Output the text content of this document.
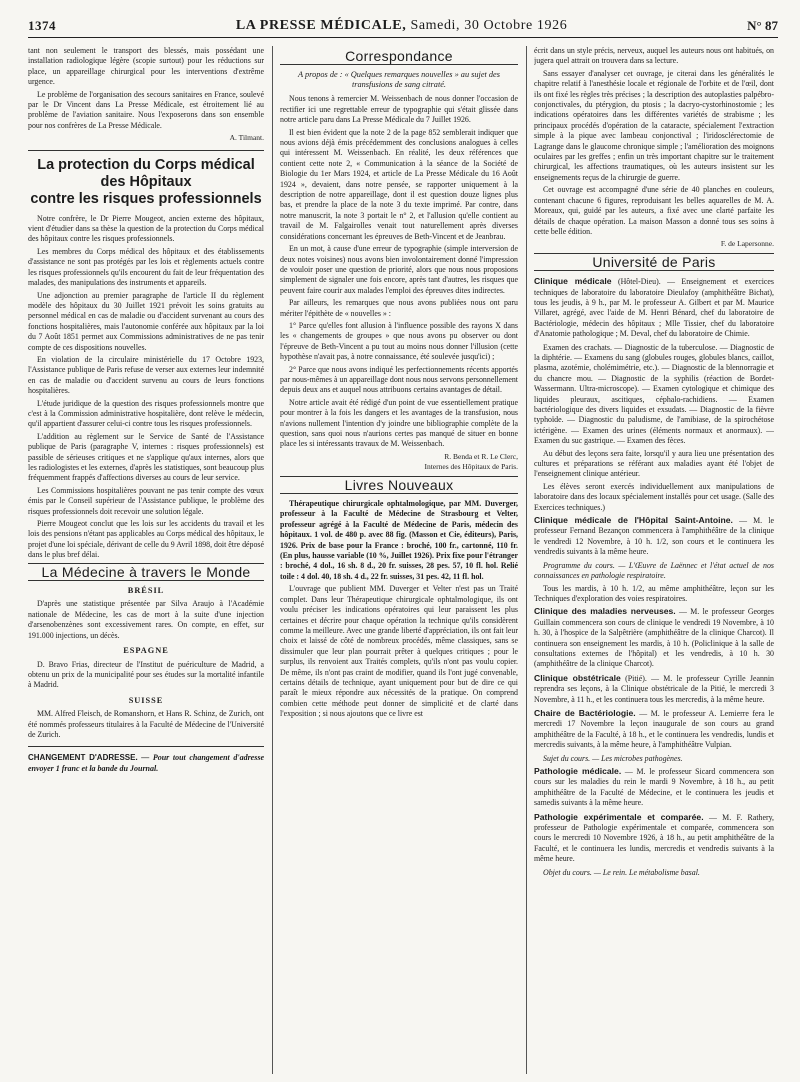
1374	LA PRESSE MÉDICALE, Samedi, 30 Octobre 1926	N° 87

tant non seulement le transport des blessés, mais possédant une installation radiologique légère (scopie surtout) pour les réductions sur place, un appareillage chirurgical pour les interventions d'extrême urgence.

Le problème de l'organisation des secours sanitaires en France, soulevé par le Dr Vincent dans La Presse Médicale, est étroitement lié au problème de l'aviation sanitaire. Nous l'exposerons dans son ensemble pour nos confrères de La Presse Médicale.

A. Tilmant.

La protection du Corps médical
des Hôpitaux
contre les risques professionnels

Notre confrère, le Dr Pierre Mougeot, ancien externe des hôpitaux, vient d'étudier dans sa thèse la question de la protection du Corps médical des hôpitaux contre les risques professionnels.

Les membres du Corps médical des hôpitaux et des établissements d'assistance ne sont pas protégés par les lois et règlements actuels contre les risques professionnels qu'ils encourent du fait de leur fréquentation des malades, des manipulations des instruments et appareils.

Une adjonction au premier paragraphe de l'article II du règlement modèle des hôpitaux du 30 Juillet 1921 prévoit les soins gratuits au personnel médical en cas de maladie ou d'accident survenant au cours des fonctions hospitalières, mais l'autonomie conférée aux hôpitaux par la loi du 7 Août 1851 permet aux Commissions administratives de ne pas tenir compte de ces dispositions nouvelles.

En violation de la circulaire ministérielle du 17 Octobre 1923, l'Assistance publique de Paris refuse de verser aux externes leur indemnité en cas de maladie ou d'accident survenu au cours de leurs fonctions hospitalières.

L'étude juridique de la question des risques professionnels montre que c'est à la Commission administrative hospitalière, dont relève le médecin, qu'il appartient d'assurer celui-ci contre tous les risques professionnels.

L'addition au règlement sur le Service de Santé de l'Assistance publique de Paris (paragraphe V, internes : risques professionnels) est passible de sérieuses critiques et ne s'applique qu'aux internes, alors que les radiologistes et les externes, d'après les statistiques, sont beaucoup plus fréquemment frappés d'affections diverses au cours de leur service.

Les Commissions hospitalières pouvant ne pas tenir compte des vœux émis par le Conseil supérieur de l'Assistance publique, le problème des risques professionnels doit recevoir une solution légale.

Pierre Mougeot conclut que les lois sur les accidents du travail et les lois des pensions n'étant pas applicables au Corps médical des hôpitaux, le projet d'une loi spéciale, dérivant de celle du 9 Avril 1898, doit être déposé dans le plus bref délai.

La Médecine à travers le Monde
BRÉSIL

D'après une statistique présentée par Silva Araujo à l'Académie nationale de Médecine, les cas de mort à la suite d'une injection d'arsenobenzènes sont excessivement rares. On compte, en effet, sur 191.000 injections, un décès.

ESPAGNE

D. Bravo Frias, directeur de l'Institut de puériculture de Madrid, a obtenu un prix de la municipalité pour ses études sur la mortalité infantile à Madrid.

SUISSE

MM. Alfred Fleisch, de Romanshorn, et Hans R. Schinz, de Zurich, ont été nommés professeurs titulaires à la Faculté de Médecine de l'Université de Zurich.

CHANGEMENT D'ADRESSE. — Pour tout changement d'adresse envoyer 1 franc et la bande du Journal.

Correspondance
A propos de : « Quelques remarques nouvelles » au sujet des transfusions de sang citraté.

Nous tenons à remercier M. Weissenbach de nous donner l'occasion de rectifier ici une regrettable erreur de typographie qui s'était glissée dans notre article paru dans La Presse Médicale du 7 Juillet 1926.

Il est bien évident que la note 2 de la page 852 semblerait indiquer que nous avions déjà émis précédemment des conclusions analogues à celles qui intéressent M. Weissenbach. En réalité, les deux références que contient cette note 2, « Communication à la séance de la Société de Biologie du 1er Mars 1924, et article de La Presse Médicale du 16 Août 1924 », devaient, dans notre pensée, se rapporter uniquement à la description de notre appareillage, dont il est question douze lignes plus bas, et prendre la place de la note 3 du texte imprimé. Par contre, dans notre manuscrit, la note 3 portait le n° 2, et l'allusion qu'elle contient au travail de M. Falgairolles venait tout naturellement après diverses considérations concernant les épreuves de Beth-Vincent et de Jeanbrau.

En un mot, à cause d'une erreur de typographie (simple interversion de deux notes voisines) nous avons bien involontairement donné l'impression de vouloir poser une question de priorité, alors que nous nous proposions simplement de signaler une fois encore, après tant d'autres, les risques que peuvent faire courir aux malades l'emploi des épreuves dites indirectes.

Par ailleurs, les remarques que nous avons publiées nous ont paru mériter l'épithète de « nouvelles » :

1° Parce qu'elles font allusion à l'influence possible des rayons X dans les « changements de groupes » que nous avons pu observer ou dont l'épreuve de Beth-Vincent a pu tout au moins nous donner l'illusion (cette hypothèse n'avait pas, à notre connaissance, été soulevée jusqu'ici) ;

2° Parce que nous avons indiqué les perfectionnements récents apportés par nous-mêmes à un appareillage dont nous nous servons personnellement depuis deux ans et auquel nous attribuons certains avantages de détail.

Notre article avait été rédigé d'un point de vue essentiellement pratique pour montrer à la fois les dangers et les avantages de la transfusion, nous n'avions nullement l'intention d'y joindre une bibliographie complète de la question, sans quoi nous n'aurions certes pas manqué de situer en bonne place les si intéressants travaux de M. Weissenbach.

R. Benda et R. Le Clerc,

Internes des Hôpitaux de Paris.

Livres Nouveaux

Thérapeutique chirurgicale ophtalmologique, par MM. Duverger, professeur à la Faculté de Médecine de Strasbourg et Velter, professeur agrégé à la Faculté de Médecine de Paris, médecin des hôpitaux. 1 vol. de 480 p. avec 88 fig. (Masson et Cie, éditeurs), Paris, 1926. Prix de base pour la France : broché, 100 fr., cartonné, 110 fr. (En plus, hausse variable (10 %, Juillet 1926). Prix fixe pour l'étranger : broché, 4 dol., 16 sh. 8 d., 20 fr. suisses, 28 pes. 57, 10 fl. hol. Relié toile : 4 dol. 40, 18 sh. 4 d., 22 fr. suisses, 31 pes. 42, 11 fl. hol.

L'ouvrage que publient MM. Duverger et Velter n'est pas un Traité complet. Dans leur Thérapeutique chirurgicale ophtalmologique, ils ont voulu préciser les indications opératoires qui leur paraissent les plus certaines et décrire pour chaque opération la technique qu'ils considèrent comme la meilleure. Avec une grande liberté d'appréciation, ils ont fait leur choix et laissé de côté de nombreux procédés, même classiques, sans se dissimuler que leur plan pourrait prêter à quelques critiques ; pour le surplus, ils renvoient aux Traités complets, qu'ils n'ont pas voulu copier. De même, ils n'ont pas craint de modifier, quand ils l'ont jugé convenable, certains détails de technique, ayant uniquement pour but de dire ce qui paraît le mieux répondre aux nécessités de la pratique. On comprend combien cette méthode peut donner de simplicité et de clarté dans l'exposition ; si nous ajoutons que ce livre est

écrit dans un style précis, nerveux, auquel les auteurs nous ont habitués, on jugera quel attrait on trouvera dans sa lecture.

Sans essayer d'analyser cet ouvrage, je citerai dans les généralités le chapitre relatif à l'anesthésie locale et régionale de l'orbite et de l'œil, dont ils ont fixé les règles très précises ; la description des autoplasties palpébro-conjonctivales, du ptérygion, du ptosis ; la dacryo-cystorhinostomie ; les indications opératoires dans les différentes variétés de strabisme ; les principaux procédés d'opération de la cataracte, spécialement l'extraction simple à la pique avec lambeau conjonctival ; l'iridosclérectomie de Lagrange dans le glaucome chronique simple ; l'amélioration des moignons oculaires par les greffes ; enfin un très important chapitre sur le traitement chirurgical, les affections traumatiques, où les auteurs insistent sur les enseignements reçus de la chirurgie de guerre.

Cet ouvrage est accompagné d'une série de 40 planches en couleurs, contenant chacune 6 figures, reproduisant les belles aquarelles de M. A. Moreaux, qui, guidé par les auteurs, a fixé avec une clarté parfaite les détails de chaque opération. La maison Masson a donné tous ses soins à cette belle édition.

F. de Lapersonne.

Université de Paris

Clinique médicale (Hôtel-Dieu). — Enseignement et exercices techniques de laboratoire du laboratoire Dieulafoy (amphithéâtre Bichat), tous les jeudis, à 9 h., par M. le professeur A. Gilbert et par M. Maurice Villaret, agrégé, avec l'aide de M. Henri Bénard, chef du laboratoire de Bactériologie, médecin des hôpitaux ; Mlle Tissier, chef du laboratoire d'Anatomie pathologique ; M. Deval, chef du laboratoire de Chimie.

Examen des crachats. — Diagnostic de la tuberculose. — Diagnostic de la diphtérie. — Examens du sang (globules rouges, globules blancs, caillot, plasma, azotémie, cholémimétrie, etc.). — Diagnostic de la blennorragie et du chancre mou. — Diagnostic de la syphilis (réaction de Bordet-Wassermann. Ultra-microscope). — Examen cytologique et chimique des liquides pleuraux, ascitiques, céphalo-rachidiens. — Examen bactériologique des divers liquides et exsudats. — Diagnostic de la fièvre typhoïde. — Diagnostic du paludisme, de l'amibiase, de la spirochétose ictérigène. — Examen des urines (éléments normaux et anormaux). — Examen du suc gastrique. — Examen des fèces.

Au début des leçons sera faite, lorsqu'il y aura lieu une présentation des cultures et préparations se référant aux maladies ayant été l'objet de l'enseignement clinique antérieur.

Les élèves seront exercés individuellement aux manipulations de laboratoire dans des locaux spécialement installés pour cet usage. (Salle des Exercices techniques.)

Clinique médicale de l'Hôpital Saint-Antoine. — M. le professeur Fernand Bezançon commencera à l'amphithéâtre de la clinique le vendredi 12 Novembre, à 10 h. 1/2, son cours et le continuera les vendredis suivants à la même heure.

Programme du cours. — L'Œuvre de Laënnec et l'état actuel de nos connaissances en pathologie respiratoire.

Tous les mardis, à 10 h. 1/2, au même amphithéâtre, leçon sur les Techniques d'exploration des voies respiratoires.

Clinique des maladies nerveuses. — M. le professeur Georges Guillain commencera son cours de clinique le vendredi 19 Novembre, à 10 h. 30, à l'hospice de la Salpêtrière (amphithéâtre de la clinique Charcot). Il continuera son enseignement les mardis, à 10 h. (Policlinique à la salle de consultations externes de l'hôpital) et les vendredis, à 10 h. 30 (amphithéâtre de la clinique Charcot).

Clinique obstétricale (Pitié). — M. le professeur Cyrille Jeannin reprendra ses leçons, à la Clinique obstétricale de la Pitié, le mercredi 3 Novembre, à 11 h., et les continuera tous les mercredis, à la même heure.

Chaire de Bactériologie. — M. le professeur A. Lemierre fera le mercredi 17 Novembre la leçon inaugurale de son cours au grand amphithéâtre de la Faculté, à 18 h., et le continuera les vendredis, lundis et mercredis suivants, à la même heure, à l'amphithéâtre Vulpian.

Sujet du cours. — Les microbes pathogènes.

Pathologie médicale. — M. le professeur Sicard commencera son cours sur les maladies du rein le mardi 9 Novembre, à 18 h., au petit amphithéâtre de la Faculté de Médecine, et le continuera les jeudis et samedis suivants à la même heure.

Pathologie expérimentale et comparée. — M. F. Rathery, professeur de Pathologie expérimentale et comparée, commencera son cours le mercredi 10 Novembre 1926, à 18 h., au petit amphithéâtre de la Faculté, et le continuera les lundis, mercredis et vendredis suivants à la même heure.

Objet du cours. — Le rein. Le métabolisme basal.
